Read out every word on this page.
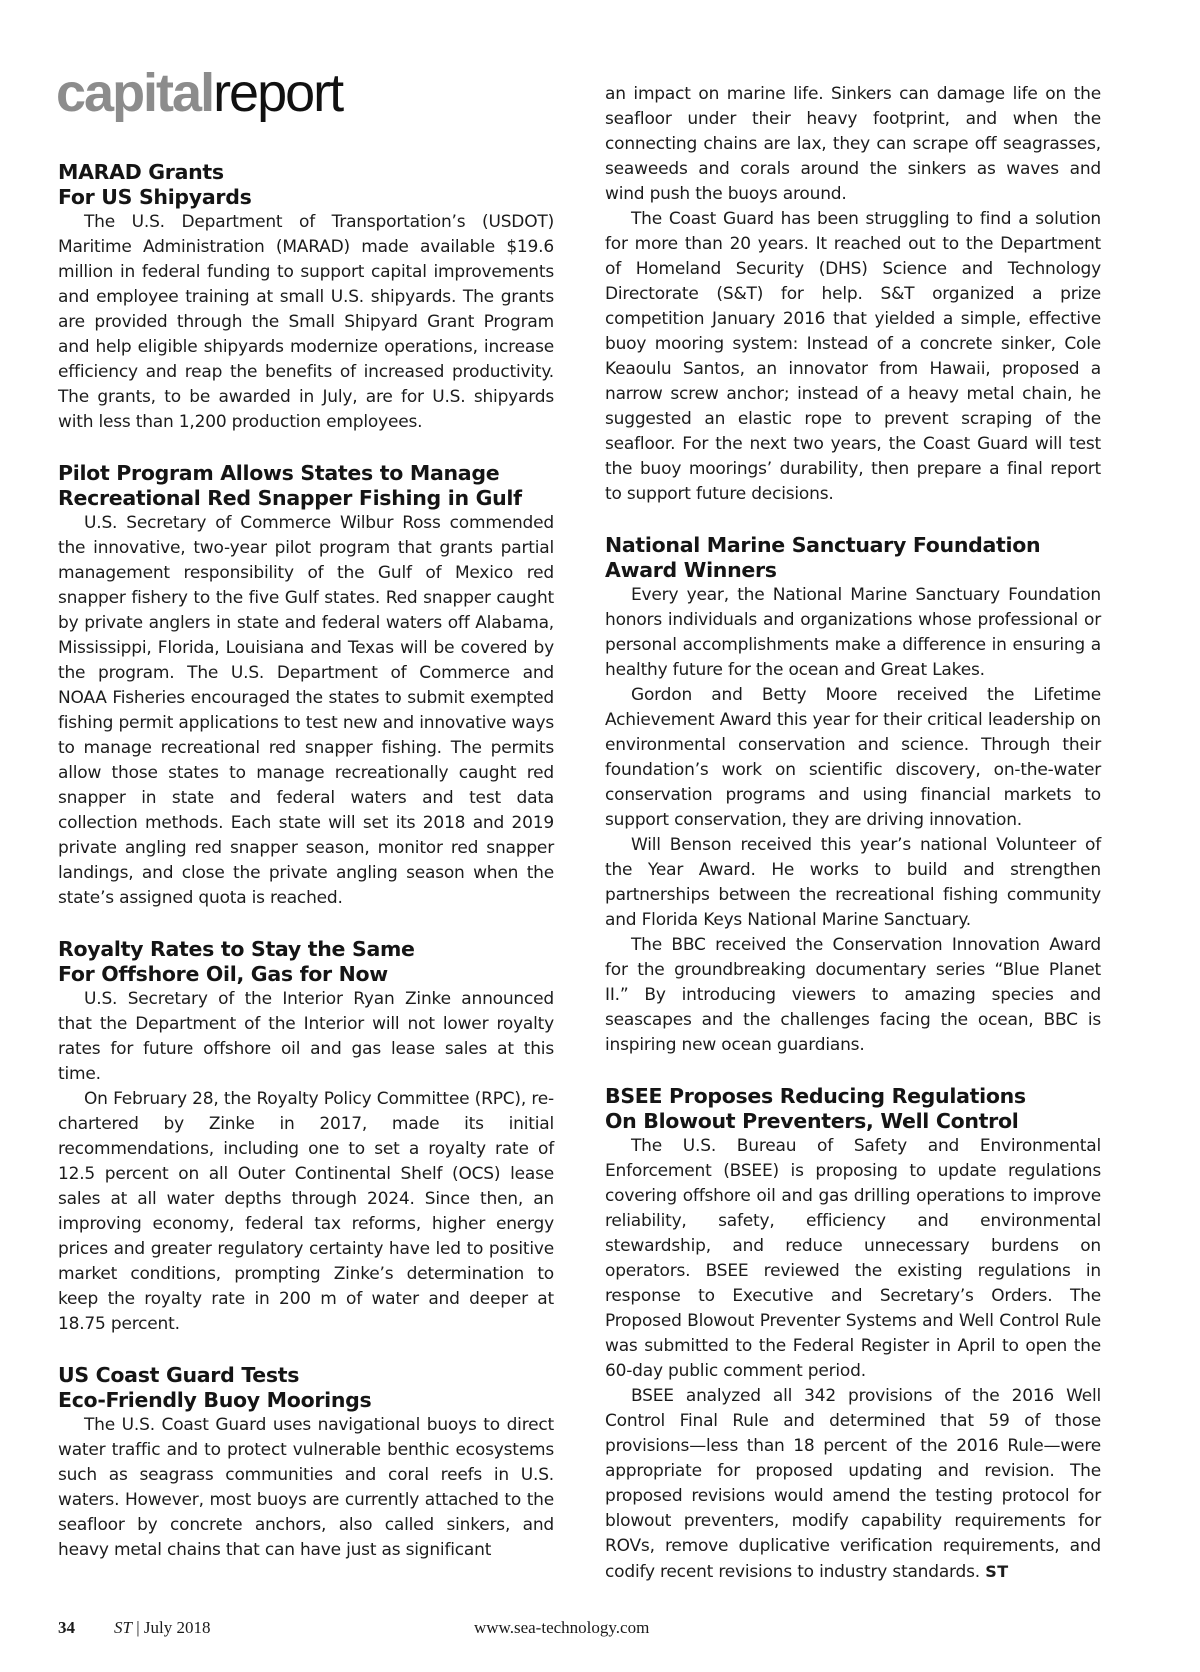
capitalreport
MARAD Grants
For US Shipyards

The U.S. Department of Transportation’s (USDOT) Maritime Administration (MARAD) made available $19.6 million in federal funding to support capital improvements and employee training at small U.S. shipyards. The grants are provided through the Small Shipyard Grant Program and help eligible shipyards modernize operations, increase efficiency and reap the benefits of increased productivity. The grants, to be awarded in July, are for U.S. shipyards with less than 1,200 production employees.

Pilot Program Allows States to Manage
Recreational Red Snapper Fishing in Gulf

U.S. Secretary of Commerce Wilbur Ross commended the innovative, two-year pilot program that grants partial management responsibility of the Gulf of Mexico red snapper fishery to the five Gulf states. Red snapper caught by private anglers in state and federal waters off Alabama, Mississippi, Florida, Louisiana and Texas will be covered by the program. The U.S. Department of Commerce and NOAA Fisheries encouraged the states to submit exempted fishing permit applications to test new and innovative ways to manage recreational red snapper fishing. The permits allow those states to manage recreationally caught red snapper in state and federal waters and test data collection methods. Each state will set its 2018 and 2019 private angling red snapper season, monitor red snapper landings, and close the private angling season when the state’s assigned quota is reached.

Royalty Rates to Stay the Same
For Offshore Oil, Gas for Now

U.S. Secretary of the Interior Ryan Zinke announced that the Department of the Interior will not lower royalty rates for future offshore oil and gas lease sales at this time.

On February 28, the Royalty Policy Committee (RPC), re-chartered by Zinke in 2017, made its initial recommendations, including one to set a royalty rate of 12.5 percent on all Outer Continental Shelf (OCS) lease sales at all water depths through 2024. Since then, an improving economy, federal tax reforms, higher energy prices and greater regulatory certainty have led to positive market conditions, prompting Zinke’s determination to keep the royalty rate in 200 m of water and deeper at 18.75 percent.

US Coast Guard Tests
Eco-Friendly Buoy Moorings

The U.S. Coast Guard uses navigational buoys to direct water traffic and to protect vulnerable benthic ecosystems such as seagrass communities and coral reefs in U.S. waters. However, most buoys are currently attached to the seafloor by concrete anchors, also called sinkers, and heavy metal chains that can have just as significant

an impact on marine life. Sinkers can damage life on the seafloor under their heavy footprint, and when the connecting chains are lax, they can scrape off seagrasses, seaweeds and corals around the sinkers as waves and wind push the buoys around.

The Coast Guard has been struggling to find a solution for more than 20 years. It reached out to the Department of Homeland Security (DHS) Science and Technology Directorate (S&T) for help. S&T organized a prize competition January 2016 that yielded a simple, effective buoy mooring system: Instead of a concrete sinker, Cole Keaoulu Santos, an innovator from Hawaii, proposed a narrow screw anchor; instead of a heavy metal chain, he suggested an elastic rope to prevent scraping of the seafloor. For the next two years, the Coast Guard will test the buoy moorings’ durability, then prepare a final report to support future decisions.

National Marine Sanctuary Foundation
Award Winners

Every year, the National Marine Sanctuary Foundation honors individuals and organizations whose professional or personal accomplishments make a difference in ensuring a healthy future for the ocean and Great Lakes.

Gordon and Betty Moore received the Lifetime Achievement Award this year for their critical leadership on environmental conservation and science. Through their foundation’s work on scientific discovery, on-the-water conservation programs and using financial markets to support conservation, they are driving innovation.

Will Benson received this year’s national Volunteer of the Year Award. He works to build and strengthen partnerships between the recreational fishing community and Florida Keys National Marine Sanctuary.

The BBC received the Conservation Innovation Award for the groundbreaking documentary series “Blue Planet II.” By introducing viewers to amazing species and seascapes and the challenges facing the ocean, BBC is inspiring new ocean guardians.

BSEE Proposes Reducing Regulations
On Blowout Preventers, Well Control

The U.S. Bureau of Safety and Environmental Enforcement (BSEE) is proposing to update regulations covering offshore oil and gas drilling operations to improve reliability, safety, efficiency and environmental stewardship, and reduce unnecessary burdens on operators. BSEE reviewed the existing regulations in response to Executive and Secretary’s Orders. The Proposed Blowout Preventer Systems and Well Control Rule was submitted to the Federal Register in April to open the 60-day public comment period.

BSEE analyzed all 342 provisions of the 2016 Well Control Final Rule and determined that 59 of those provisions—less than 18 percent of the 2016 Rule—were appropriate for proposed updating and revision. The proposed revisions would amend the testing protocol for blowout preventers, modify capability requirements for ROVs, remove duplicative verification requirements, and codify recent revisions to industry standards. ST

34 ST | July 2018	www.sea-technology.com
